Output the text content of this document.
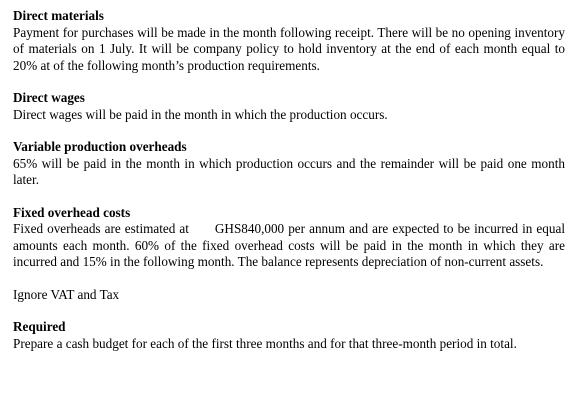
Direct materials

Payment for purchases will be made in the month following receipt. There will be no opening inventory of materials on 1 July. It will be company policy to hold inventory at the end of each month equal to 20% at of the following month’s production requirements.

Direct wages

Direct wages will be paid in the month in which the production occurs.

Variable production overheads

65% will be paid in the month in which production occurs and the remainder will be paid one month later.

Fixed overhead costs

Fixed overheads are estimated at GHS840,000 per annum and are expected to be incurred in equal amounts each month. 60% of the fixed overhead costs will be paid in the month in which they are incurred and 15% in the following month. The balance represents depreciation of non-current assets.

Ignore VAT and Tax

Required

Prepare a cash budget for each of the first three months and for that three-month period in total.
